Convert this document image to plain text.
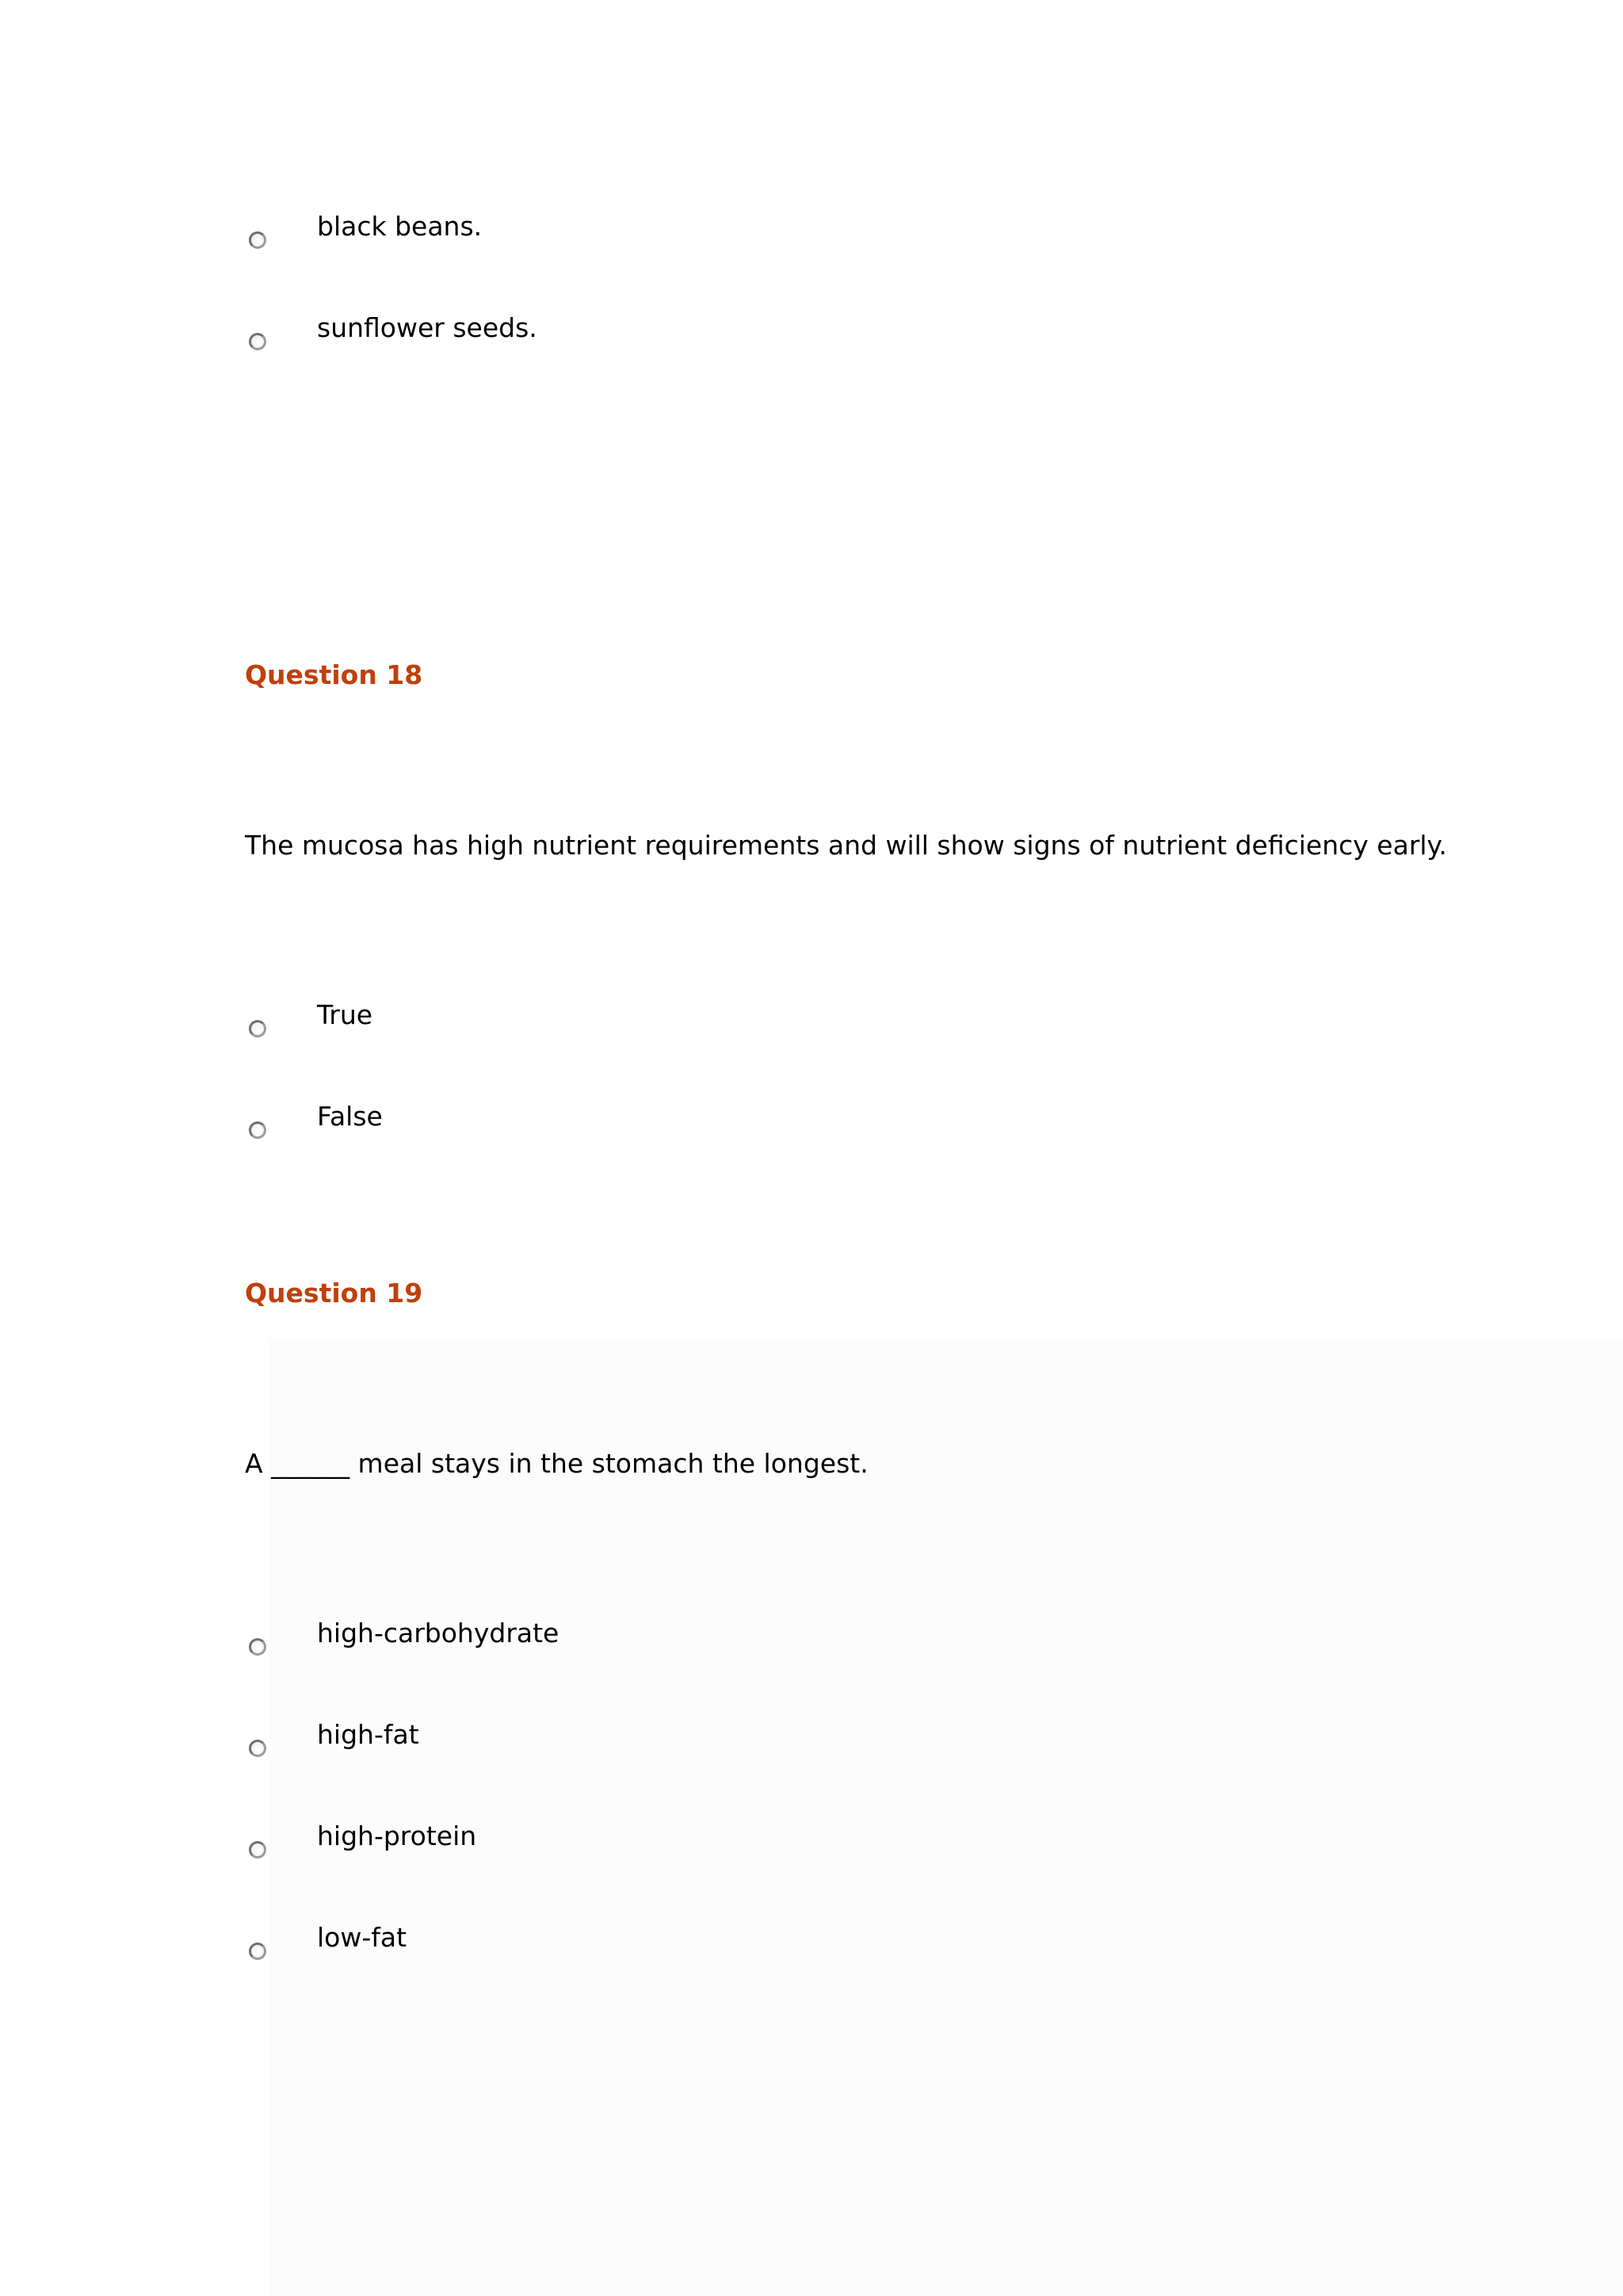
black beans.
sunflower seeds.
Question 18
The mucosa has high nutrient requirements and will show signs of nutrient deficiency early.
True
False
Question 19
A ______ meal stays in the stomach the longest.
high-carbohydrate
high-fat
high-protein
low-fat
